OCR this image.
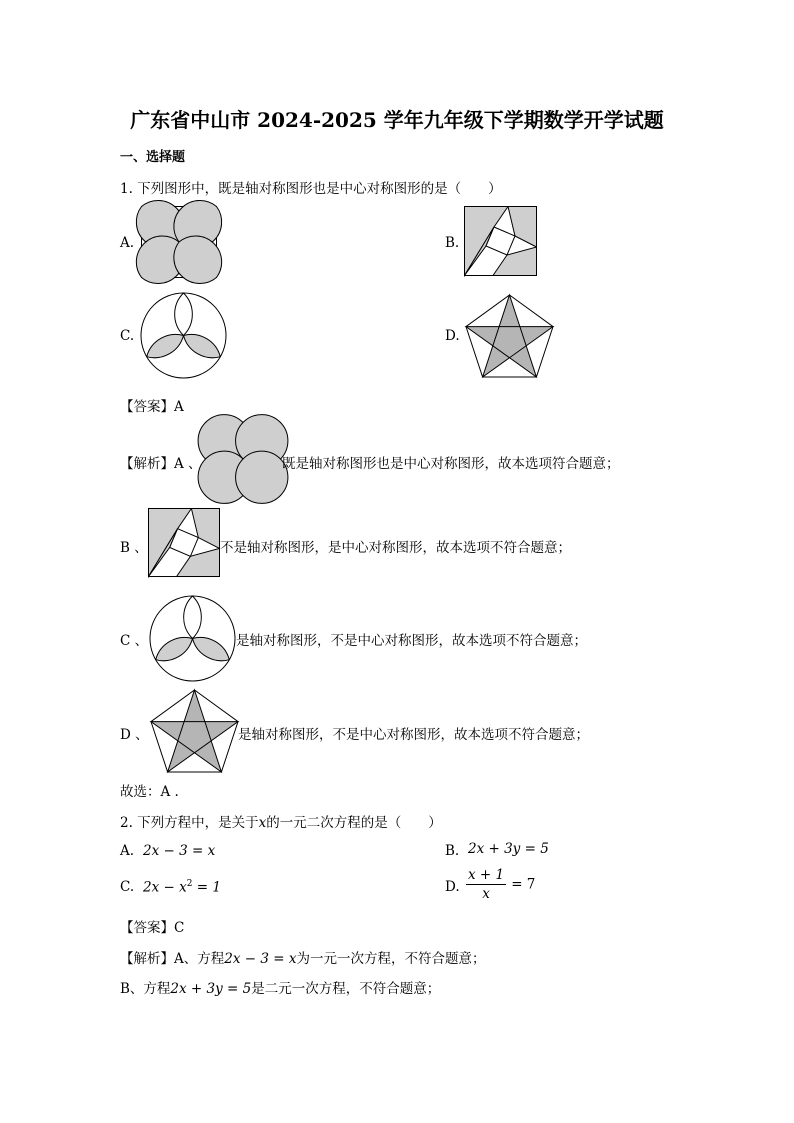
广东省中山市 2024-2025 学年九年级下学期数学开学试题
一、选择题
1. 下列图形中，既是轴对称图形也是中心对称图形的是（　　）
A.	B.
C.	D.
【答案】A
【解析】A 、	既是轴对称图形也是中心对称图形，故本选项符合题意；
B 、	不是轴对称图形，是中心对称图形，故本选项不符合题意；
C 、	是轴对称图形，不是中心对称图形，故本选项不符合题意；
D 、	是轴对称图形，不是中心对称图形，故本选项不符合题意；
故选：A .
2. 下列方程中，是关于x的一元二次方程的是（　　）
A. 2x − 3 = x	B. 2x + 3y = 5
C. $2x - x^2 = 1$	D. $\frac{x + 1}{x} = 7$
【答案】C
【解析】A、方程2x − 3 = x为一元一次方程，不符合题意；
B、方程2x + 3y = 5是二元一次方程，不符合题意；
